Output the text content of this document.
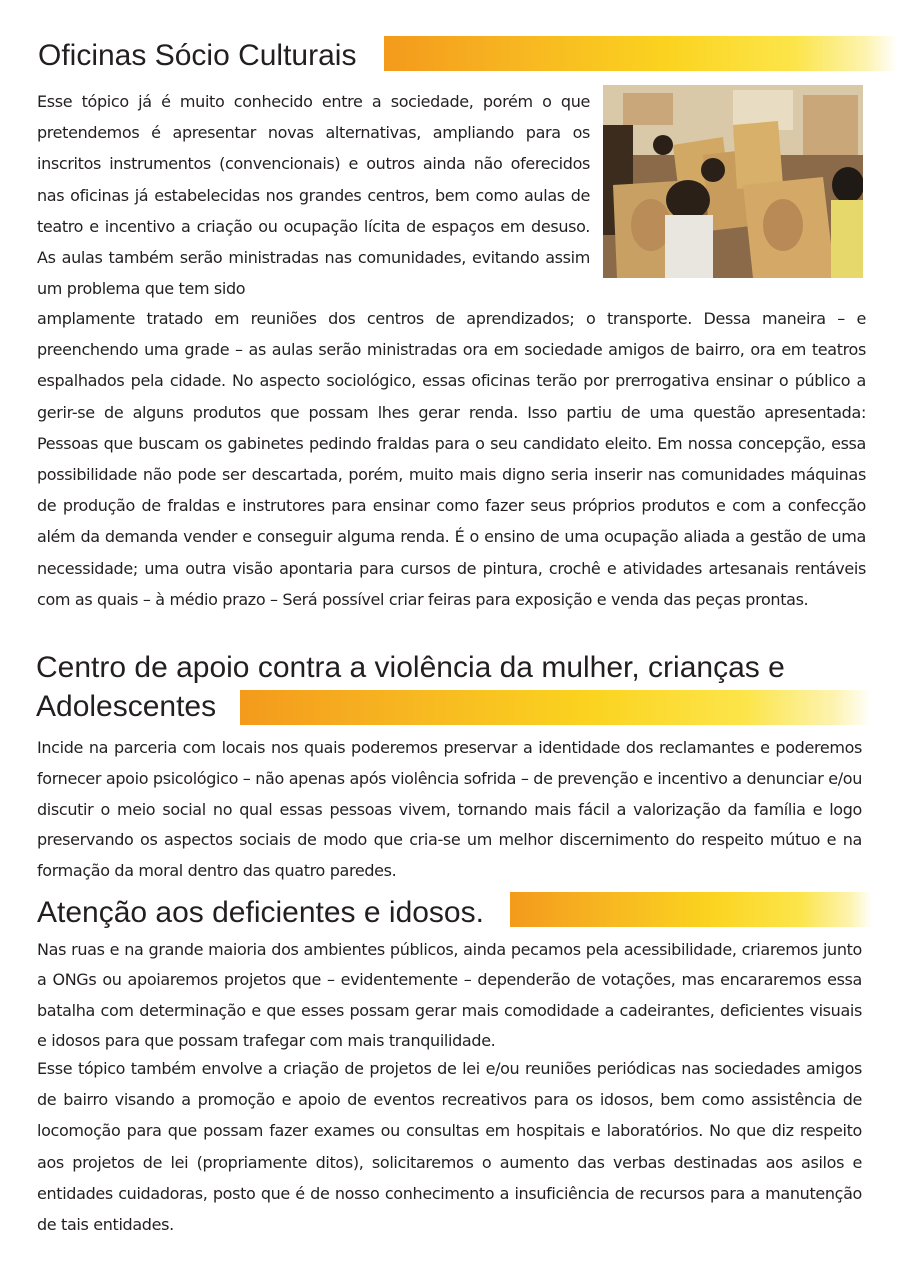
Oficinas Sócio Culturais

Esse tópico já é muito conhecido entre a sociedade, porém o que pretendemos é apresentar novas alternativas, ampliando para os inscritos instrumentos (convencionais) e outros ainda não oferecidos nas oficinas já estabelecidas nos grandes centros, bem como aulas de teatro e incentivo a criação ou ocupação lícita de espaços em desuso. As aulas também serão ministradas nas comunidades, evitando assim um problema que tem sido

amplamente tratado em reuniões dos centros de aprendizados; o transporte. Dessa maneira – e preenchendo uma grade – as aulas serão ministradas ora em sociedade amigos de bairro, ora em teatros espalhados pela cidade. No aspecto sociológico, essas oficinas terão por prerrogativa ensinar o público a gerir-se de alguns produtos que possam lhes gerar renda. Isso partiu de uma questão apresentada: Pessoas que buscam os gabinetes pedindo fraldas para o seu candidato eleito. Em nossa concepção, essa possibilidade não pode ser descartada, porém, muito mais digno seria inserir nas comunidades máquinas de produção de fraldas e instrutores para ensinar como fazer seus próprios produtos e com a confecção além da demanda vender e conseguir alguma renda. É o ensino de uma ocupação aliada a gestão de uma necessidade; uma outra visão apontaria para cursos de pintura, crochê e atividades artesanais rentáveis com as quais – à médio prazo – Será possível criar feiras para exposição e venda das peças prontas.

Centro de apoio contra a violência da mulher, crianças e
Adolescentes

Incide na parceria com locais nos quais poderemos preservar a identidade dos reclamantes e poderemos fornecer apoio psicológico – não apenas após violência sofrida – de prevenção e incentivo a denunciar e/ou discutir o meio social no qual essas pessoas vivem, tornando mais fácil a valorização da família e logo preservando os aspectos sociais de modo que cria-se um melhor discernimento do respeito mútuo e na formação da moral dentro das quatro paredes.

Atenção aos deficientes e idosos.

Nas ruas e na grande maioria dos ambientes públicos, ainda pecamos pela acessibilidade, criaremos junto a ONGs ou apoiaremos projetos que – evidentemente – dependerão de votações, mas encararemos essa batalha com determinação e que esses possam gerar mais comodidade a cadeirantes, deficientes visuais e idosos para que possam trafegar com mais tranquilidade.

Esse tópico também envolve a criação de projetos de lei e/ou reuniões periódicas nas sociedades amigos de bairro visando a promoção e apoio de eventos recreativos para os idosos, bem como assistência de locomoção para que possam fazer exames ou consultas em hospitais e laboratórios. No que diz respeito aos projetos de lei (propriamente ditos), solicitaremos o aumento das verbas destinadas aos asilos e entidades cuidadoras, posto que é de nosso conhecimento a insuficiência de recursos para a manutenção de tais entidades.
